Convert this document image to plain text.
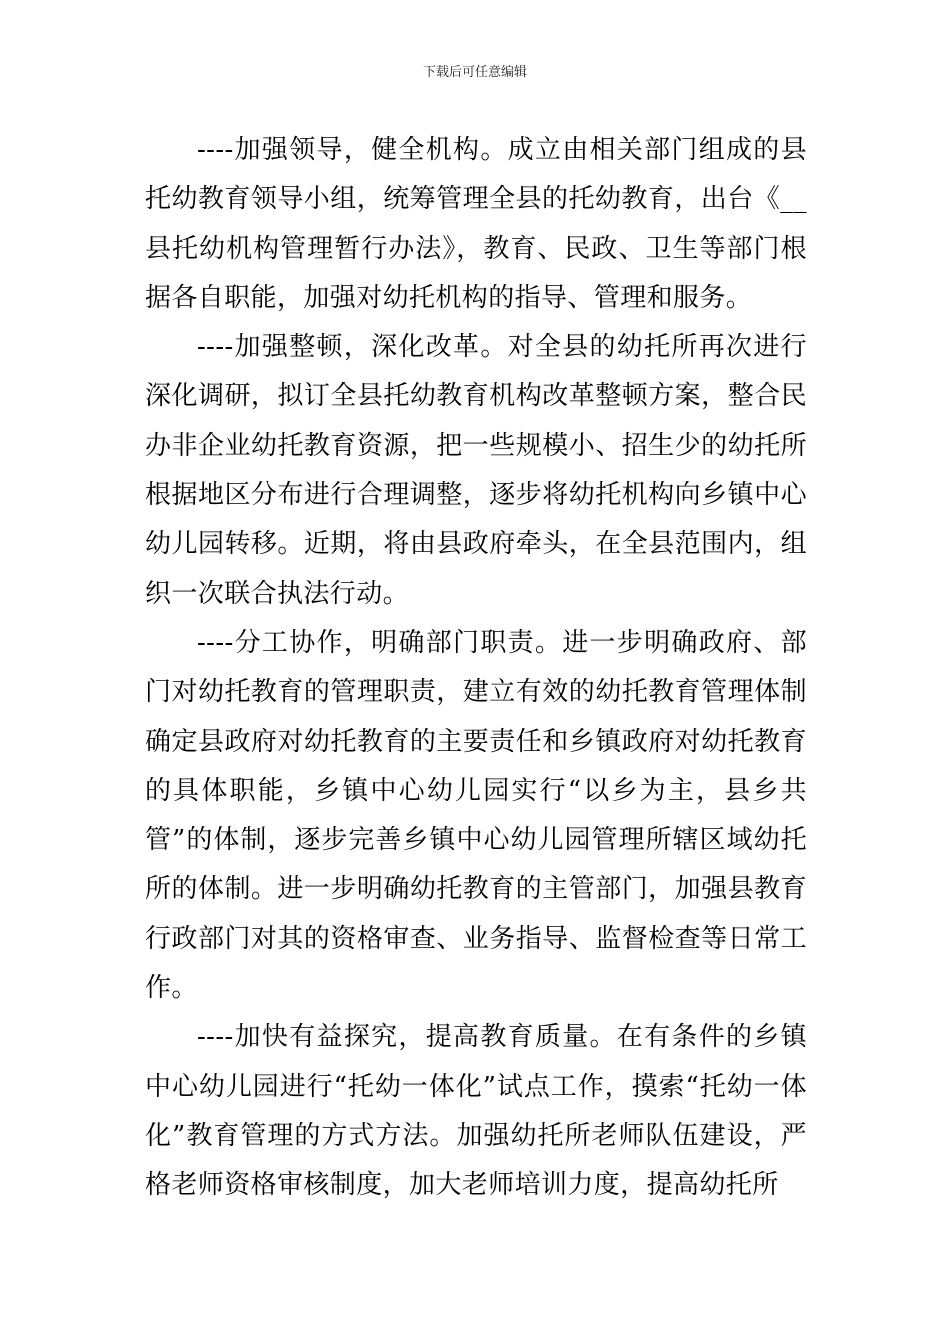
下载后可任意编辑

----加强领导，健全机构。成立由相关部门组成的县托幼教育领导小组，统筹管理全县的托幼教育，出台《__县托幼机构管理暂行办法》，教育、民政、卫生等部门根据各自职能，加强对幼托机构的指导、管理和服务。

----加强整顿，深化改革。对全县的幼托所再次进行深化调研，拟订全县托幼教育机构改革整顿方案，整合民办非企业幼托教育资源，把一些规模小、招生少的幼托所根据地区分布进行合理调整，逐步将幼托机构向乡镇中心幼儿园转移。近期，将由县政府牵头，在全县范围内，组织一次联合执法行动。

----分工协作，明确部门职责。进一步明确政府、部门对幼托教育的管理职责，建立有效的幼托教育管理体制确定县政府对幼托教育的主要责任和乡镇政府对幼托教育的具体职能，乡镇中心幼儿园实行“以乡为主，县乡共管”的体制，逐步完善乡镇中心幼儿园管理所辖区域幼托所的体制。进一步明确幼托教育的主管部门，加强县教育行政部门对其的资格审查、业务指导、监督检查等日常工作。

----加快有益探究，提高教育质量。在有条件的乡镇中心幼儿园进行“托幼一体化”试点工作，摸索“托幼一体化”教育管理的方式方法。加强幼托所老师队伍建设，严格老师资格审核制度，加大老师培训力度，提高幼托所
